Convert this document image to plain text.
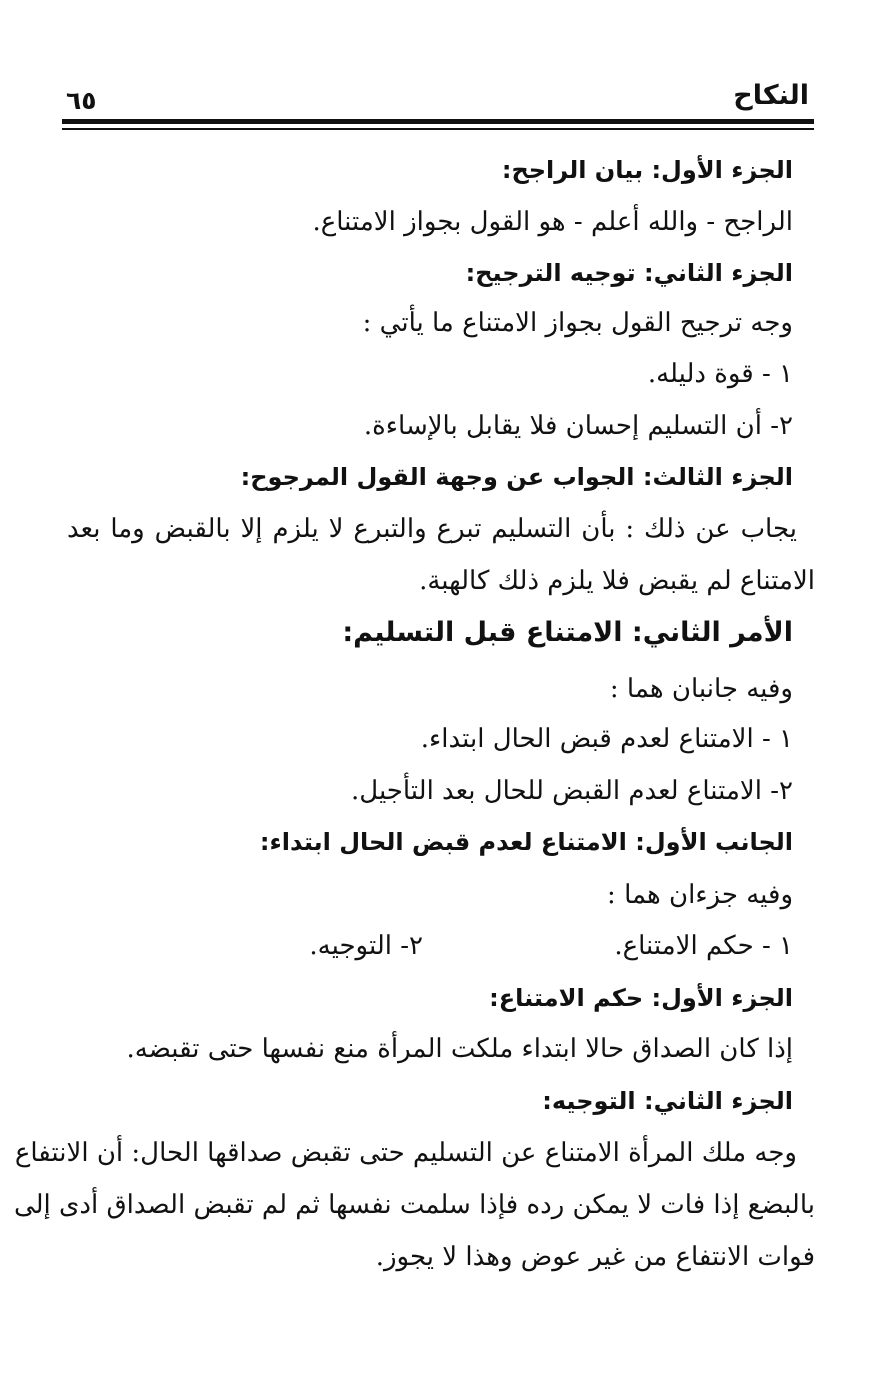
النكاح
٦٥
الجزء الأول: بيان الراجح:
الراجح - والله أعلم - هو القول بجواز الامتناع.
الجزء الثاني: توجيه الترجيح:
وجه ترجيح القول بجواز الامتناع ما يأتي :
١ - قوة دليله.
٢- أن التسليم إحسان فلا يقابل بالإساءة.
الجزء الثالث: الجواب عن وجهة القول المرجوح:
يجاب عن ذلك : بأن التسليم تبرع والتبرع لا يلزم إلا بالقبض وما بعد
الامتناع لم يقبض فلا يلزم ذلك كالهبة.
الأمر الثاني: الامتناع قبل التسليم:
وفيه جانبان هما :
١ - الامتناع لعدم قبض الحال ابتداء.
٢- الامتناع لعدم القبض للحال بعد التأجيل.
الجانب الأول: الامتناع لعدم قبض الحال ابتداء:
وفيه جزءان هما :
١ - حكم الامتناع.
٢- التوجيه.
الجزء الأول: حكم الامتناع:
إذا كان الصداق حالا ابتداء ملكت المرأة منع نفسها حتى تقبضه.
الجزء الثاني: التوجيه:
وجه ملك المرأة الامتناع عن التسليم حتى تقبض صداقها الحال: أن الانتفاع
بالبضع إذا فات لا يمكن رده فإذا سلمت نفسها ثم لم تقبض الصداق أدى إلى
فوات الانتفاع من غير عوض وهذا لا يجوز.
